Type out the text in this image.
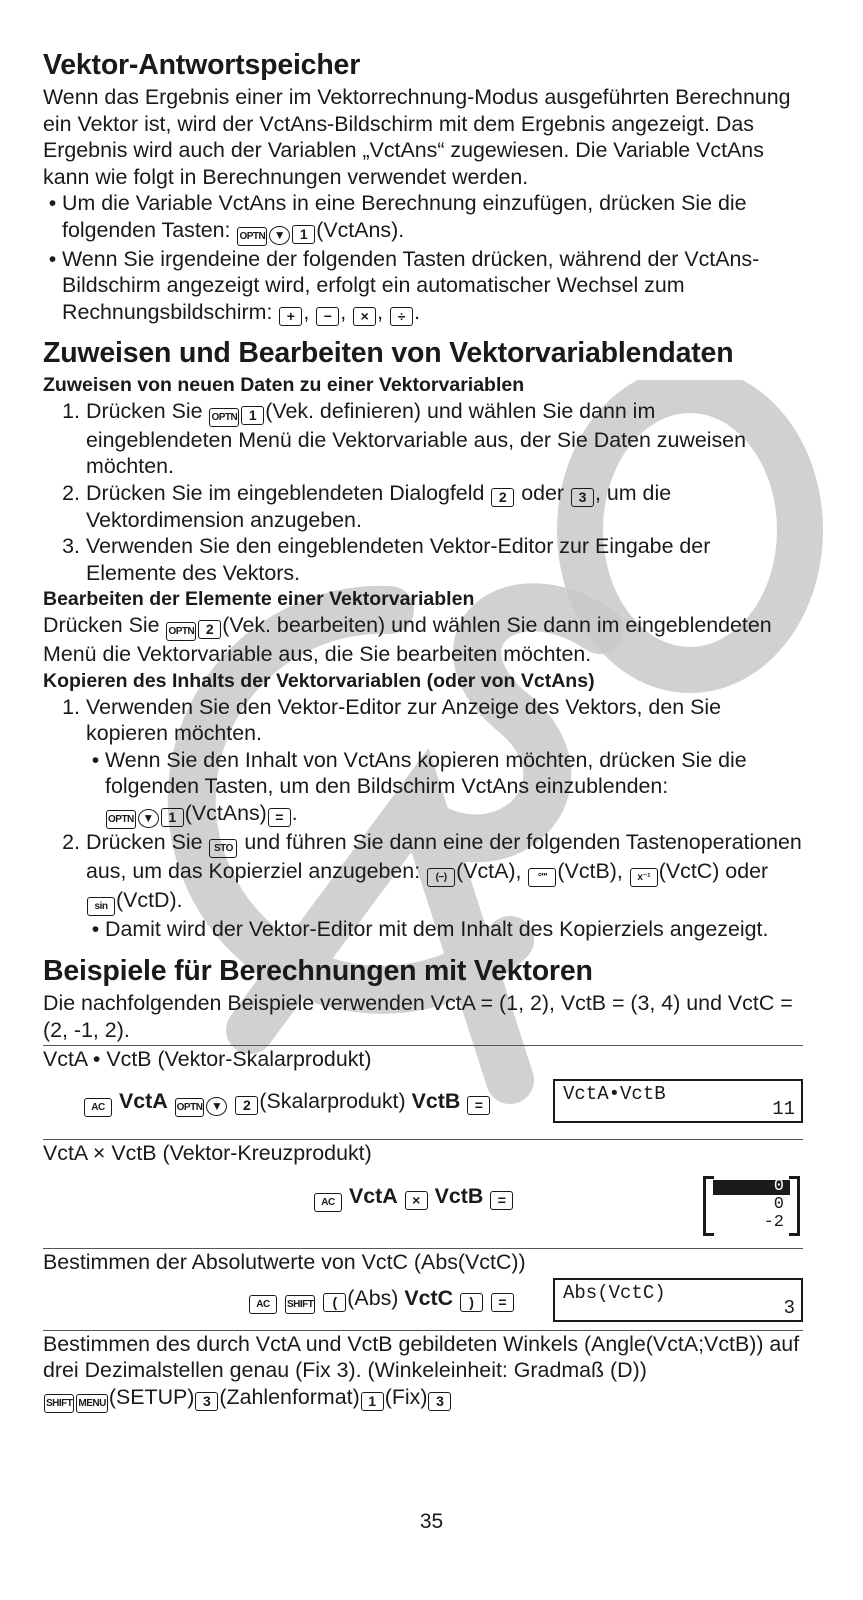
Vektor-Antwortspeicher

Wenn das Ergebnis einer im Vektorrechnung-Modus ausgeführten Berechnung ein Vektor ist, wird der VctAns-Bildschirm mit dem Ergebnis angezeigt. Das Ergebnis wird auch der Variablen „VctAns“ zugewiesen. Die Variable VctAns kann wie folgt in Berechnungen verwendet werden.

• Um die Variable VctAns in eine Berechnung einzufügen, drücken Sie die folgenden Tasten: OPTN ▼ 1 (VctAns).
• Wenn Sie irgendeine der folgenden Tasten drücken, während der VctAns-Bildschirm angezeigt wird, erfolgt ein automatischer Wechsel zum Rechnungsbildschirm: + , − , × , ÷ .
Zuweisen und Bearbeiten von Vektorvariablendaten
Zuweisen von neuen Daten zu einer Vektorvariablen
1. Drücken Sie OPTN 1 (Vek. definieren) und wählen Sie dann im eingeblendeten Menü die Vektorvariable aus, der Sie Daten zuweisen möchten.
2. Drücken Sie im eingeblendeten Dialogfeld 2 oder 3 , um die Vektordimension anzugeben.
3. Verwenden Sie den eingeblendeten Vektor-Editor zur Eingabe der Elemente des Vektors.
Bearbeiten der Elemente einer Vektorvariablen

Drücken Sie OPTN 2 (Vek. bearbeiten) und wählen Sie dann im eingeblendeten Menü die Vektorvariable aus, die Sie bearbeiten möchten.

Kopieren des Inhalts der Vektorvariablen (oder von VctAns)
1. Verwenden Sie den Vektor-Editor zur Anzeige des Vektors, den Sie kopieren möchten.
• Wenn Sie den Inhalt von VctAns kopieren möchten, drücken Sie die folgenden Tasten, um den Bildschirm VctAns einzublenden:
OPTN ▼ 1 (VctAns) = .
2. Drücken Sie STO und führen Sie dann eine der folgenden Tastenoperationen aus, um das Kopierziel anzugeben: (−) (VctA), °''' (VctB), x⁻¹ (VctC) oder sin (VctD).
• Damit wird der Vektor-Editor mit dem Inhalt des Kopierziels angezeigt.
Beispiele für Berechnungen mit Vektoren

Die nachfolgenden Beispiele verwenden VctA = (1, 2), VctB = (3, 4) und VctC = (2, -1, 2).

VctA • VctB (Vektor-Skalarprodukt)

AC VctA OPTN ▼ 2 (Skalarprodukt) VctB =	VctA•VctB
11

VctA × VctB (Vektor-Kreuzprodukt)

AC VctA × VctB =
0
0
-2

Bestimmen der Absolutwerte von VctC (Abs(VctC))

AC SHIFT ( (Abs) VctC ) =	Abs(VctC)
3

Bestimmen des durch VctA und VctB gebildeten Winkels (Angle(VctA;VctB)) auf drei Dezimalstellen genau (Fix 3). (Winkeleinheit: Gradmaß (D))

SHIFT MENU (SETUP) 3 (Zahlenformat) 1 (Fix) 3

35
